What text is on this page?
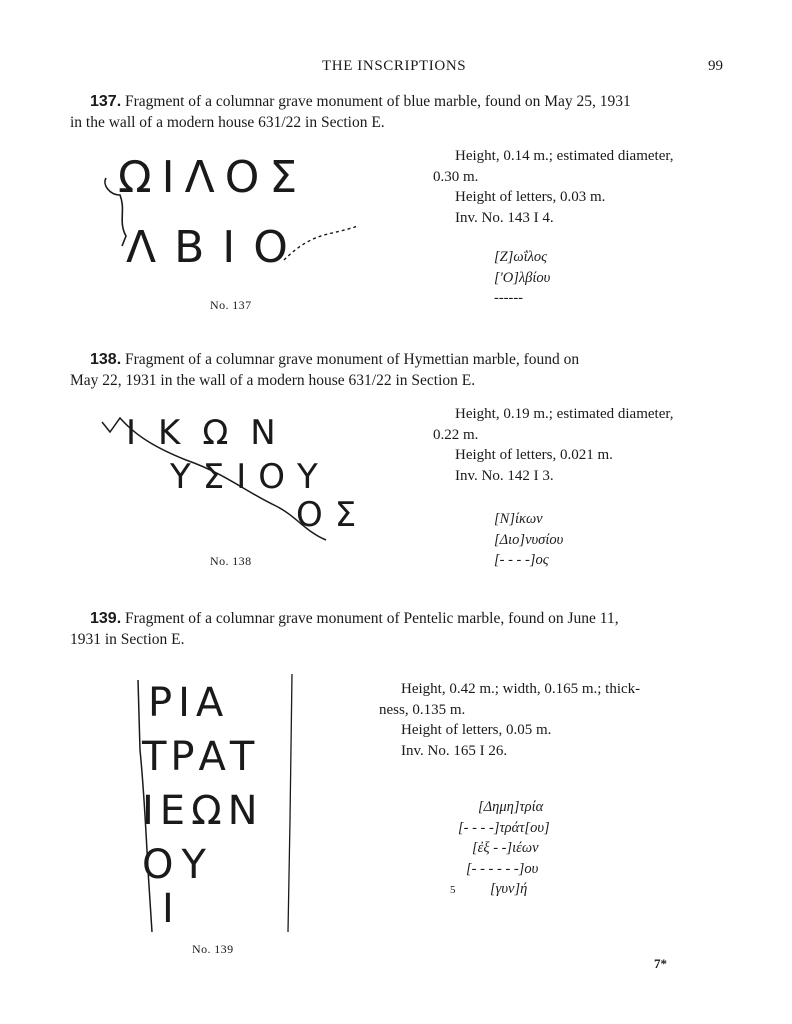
THE INSCRIPTIONS	99
137. Fragment of a columnar grave monument of blue marble, found on May 25, 1931
in the wall of a modern house 631/22 in Section E.
ΩΙΛΟΣ
ΛΒΙΟ
No. 137
Height, 0.14 m.; estimated diameter,
0.30 m.
Height of letters, 0.03 m.
Inv. No. 143 I 4.
[Ζ]ωΐλος
['Ο]λβίου
------
138. Fragment of a columnar grave monument of Hymettian marble, found on
May 22, 1931 in the wall of a modern house 631/22 in Section E.
ΙΚΩΝ
ΥΣΙΟΥ
ΟΣ
No. 138
Height, 0.19 m.; estimated diameter,
0.22 m.
Height of letters, 0.021 m.
Inv. No. 142 I 3.
[Ν]ίκων
[Διο]νυσίου
[- - - -]ος
139. Fragment of a columnar grave monument of Pentelic marble, found on June 11,
1931 in Section E.
ΡΙΑ
ΤΡΑΤ
ΙΕΩΝ
ΟΥ
Ι
No. 139
Height, 0.42 m.; width, 0.165 m.; thick-
ness, 0.135 m.
Height of letters, 0.05 m.
Inv. No. 165 I 26.
[Δημη]τρία
[- - - -]τράτ[ου]
[ἐξ - -]ιέων
[- - - - - -]ου
5 [γυν]ή
7*
